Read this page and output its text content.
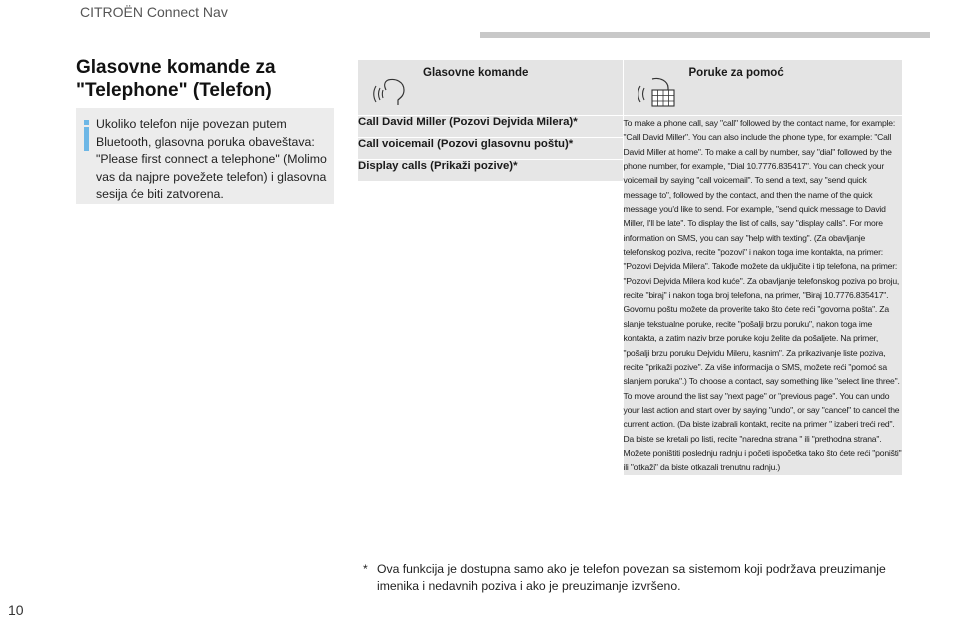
CITROËN Connect Nav
Glasovne komande za "Telephone" (Telefon)
Ukoliko telefon nije povezan putem Bluetooth, glasovna poruka obaveštava: "Please first connect a telephone" (Molimo vas da najpre povežete telefon) i glasovna sesija će biti zatvorena.
Glasovne komande	Poruke za pomoć

Call David Miller (Pozovi Dejvida Milera)*	To make a phone call, say "call" followed by the contact name, for example: "Call David Miller". You can also include the phone type, for example: "Call David Miller at home". To make a call by number, say "dial" followed by the phone number, for example, "Dial 10.7776.835417". You can check your voicemail by saying "call voicemail". To send a text, say "send quick message to", followed by the contact, and then the name of the quick message you'd like to send. For example, "send quick message to David Miller, I'll be late". To display the list of calls, say "display calls". For more information on SMS, you can say "help with texting". (Za obavljanje telefonskog poziva, recite "pozovi" i nakon toga ime kontakta, na primer: "Pozovi Dejvida Milera". Takođe možete da uključite i tip telefona, na primer: "Pozovi Dejvida Milera kod kuće". Za obavljanje telefonskog poziva po broju, recite "biraj" i nakon toga broj telefona, na primer, "Biraj 10.7776.835417". Govornu poštu možete da proverite tako što ćete reći "govorna pošta". Za slanje tekstualne poruke, recite "pošalji brzu poruku", nakon toga ime kontakta, a zatim naziv brze poruke koju želite da pošaljete. Na primer, "pošalji brzu poruku Dejvidu Mileru, kasnim". Za prikazivanje liste poziva, recite "prikaži pozive". Za više informacija o SMS, možete reći "pomoć sa slanjem poruka".) To choose a contact, say something like "select line three". To move around the list say "next page" or "previous page". You can undo your last action and start over by saying "undo", or say "cancel" to cancel the current action. (Da biste izabrali kontakt, recite na primer " izaberi treći red". Da biste se kretali po listi, recite "naredna strana " ili "prethodna strana". Možete poništiti poslednju radnju i početi ispočetka tako što ćete reći "poništi" ili "otkaži" da biste otkazali trenutnu radnju.)
Call voicemail (Pozovi glasovnu poštu)*	
Display calls (Prikaži pozive)*	

* Ova funkcija je dostupna samo ako je telefon povezan sa sistemom koji podržava preuzimanje imenika i nedavnih poziva i ako je preuzimanje izvršeno.
10
